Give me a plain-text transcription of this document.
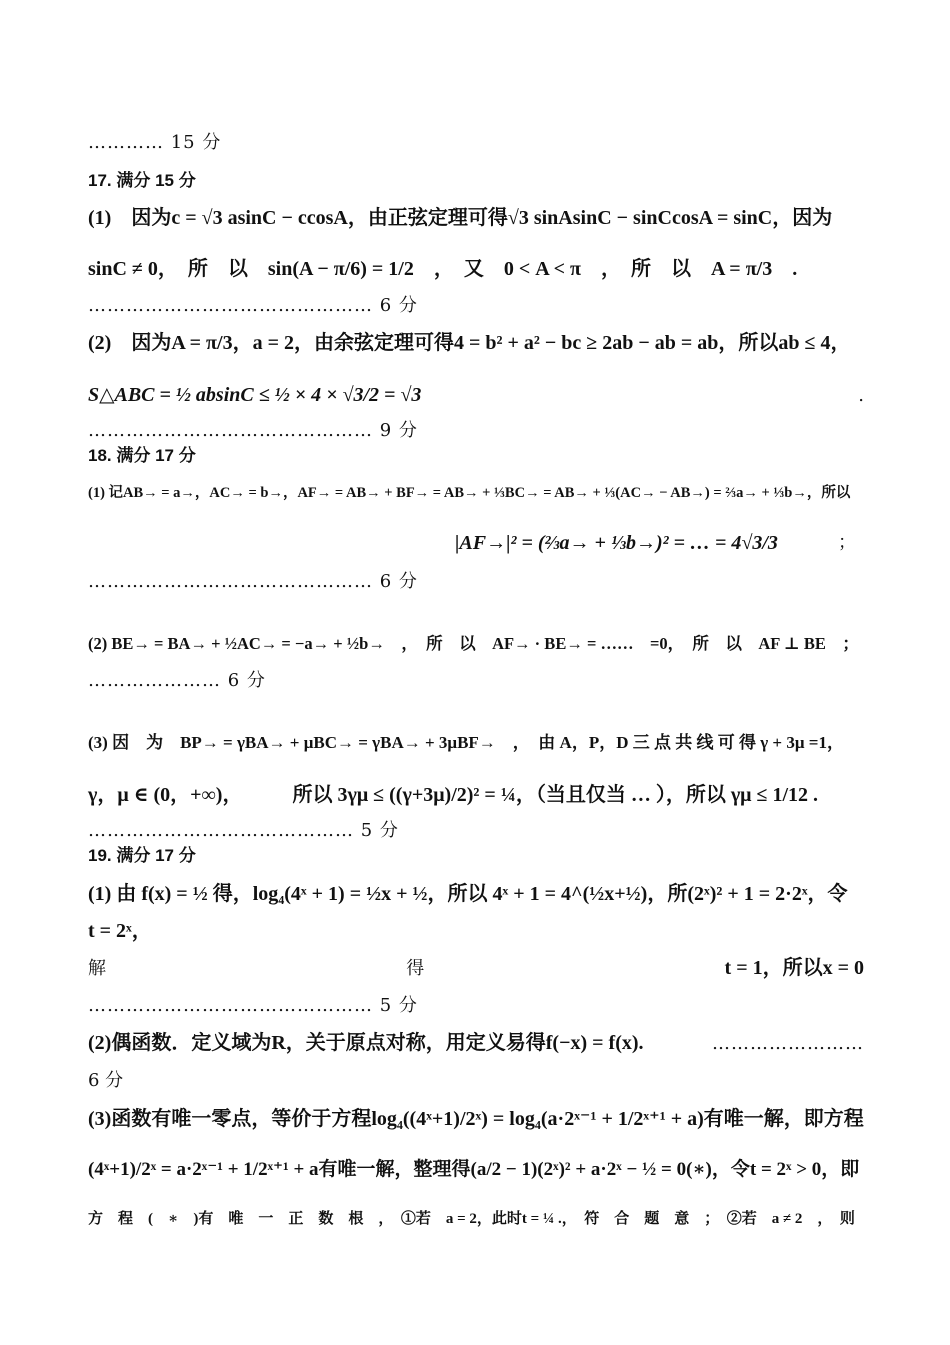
………… 15 分
17. 满分 15 分
(1)　因为c = √3 asinC − ccosA，由正弦定理可得√3 sinAsinC − sinCcosA = sinC，因为
sinC ≠ 0，　所　以　sin(A − π/6) = 1/2　，　又　0 < A < π　，　所　以　A = π/3　.
……………………………………… 6 分
(2)　因为A = π/3，a = 2，由余弦定理可得4 = b² + a² − bc ≥ 2ab − ab = ab，所以ab ≤ 4，
S△ABC = ½ absinC ≤ ½ × 4 × √3/2 = √3	.
……………………………………… 9 分
18. 满分 17 分
(1) 记AB→ = a→，AC→ = b→，AF→ = AB→ + BF→ = AB→ + ⅓BC→ = AB→ + ⅓(AC→ − AB→) = ⅔a→ + ⅓b→，所以
|AF→|² = (⅔a→ + ⅓b→)² = … = 4√3/3	；
……………………………………… 6 分
(2) BE→ = BA→ + ½AC→ = −a→ + ½b→　，　所　以　AF→ · BE→ = ……　=0，　所　以　AF ⊥ BE　；
………………… 6 分
(3) 因　为　BP→ = γBA→ + μBC→ = γBA→ + 3μBF→　，　由 A，P，D 三 点 共 线 可 得 γ + 3μ =1，
γ，μ ∈ (0，+∞)，　　　所以 3γμ ≤ ((γ+3μ)/2)² = ¼，（当且仅当 … ），所以 γμ ≤ 1/12 .
…………………………………… 5 分
19. 满分 17 分
(1) 由 f(x) = ½ 得，log₄(4ˣ + 1) = ½x + ½，所以 4ˣ + 1 = 4^(½x+½)，所(2ˣ)² + 1 = 2·2ˣ，令
t = 2ˣ，
解	得	t = 1，所以x = 0
……………………………………… 5 分
(2)偶函数．定义域为R，关于原点对称，用定义易得f(−x) = f(x).	……………………
6 分
(3)函数有唯一零点，等价于方程log₄((4ˣ+1)/2ˣ) = log₄(a·2ˣ⁻¹ + 1/2ˣ⁺¹ + a)有唯一解，即方程
(4ˣ+1)/2ˣ = a·2ˣ⁻¹ + 1/2ˣ⁺¹ + a有唯一解，整理得(a/2 − 1)(2ˣ)² + a·2ˣ − ½ = 0(∗)，令t = 2ˣ > 0，即
方　程　(　∗　)有　唯　一　正　数　根　，　①若　a = 2，此时t = ¼ .，　符　合　题　意　；　②若　a ≠ 2　，　则
